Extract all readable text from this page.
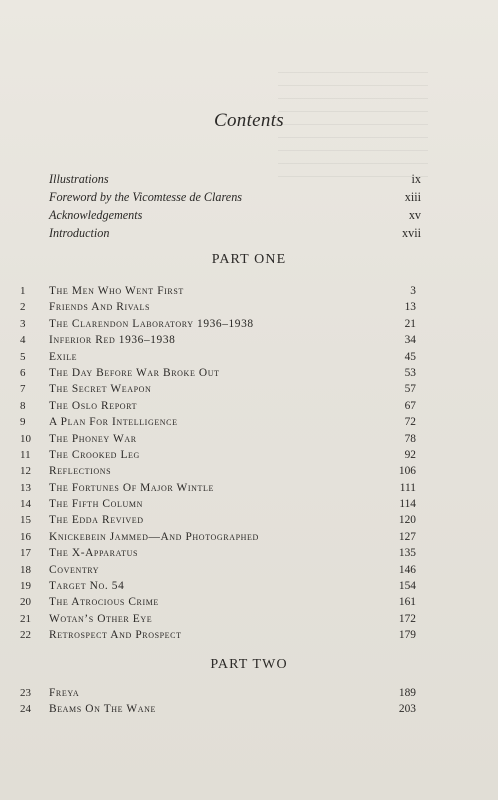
Contents
Illustrations	ix
Foreword by the Vicomtesse de Clarens	xiii
Acknowledgements	xv
Introduction	xvii
PART ONE
1	The Men Who Went First	3
2	Friends And Rivals	13
3	The Clarendon Laboratory 1936–1938	21
4	Inferior Red 1936–1938	34
5	Exile	45
6	The Day Before War Broke Out	53
7	The Secret Weapon	57
8	The Oslo Report	67
9	A Plan For Intelligence	72
10	The Phoney War	78
11	The Crooked Leg	92
12	Reflections	106
13	The Fortunes Of Major Wintle	111
14	The Fifth Column	114
15	The Edda Revived	120
16	Knickebein Jammed—And Photographed	127
17	The X-Apparatus	135
18	Coventry	146
19	Target No. 54	154
20	The Atrocious Crime	161
21	Wotan’s Other Eye	172
22	Retrospect And Prospect	179
PART TWO
23	Freya	189
24	Beams On The Wane	203
